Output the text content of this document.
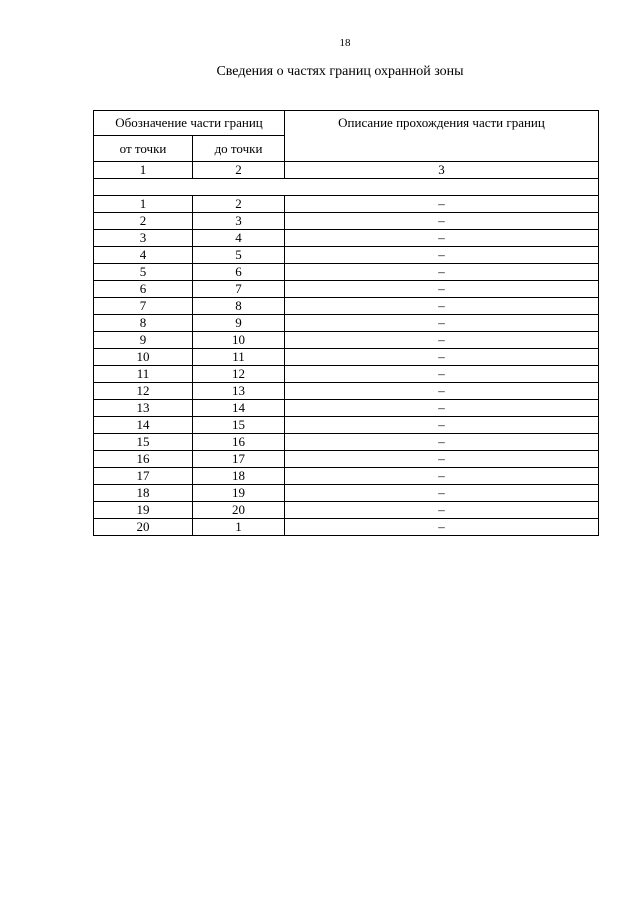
18
Сведения о частях границ охранной зоны
Обозначение части границ		Описание прохождения части границ
от точки	до точки	
1	2	3

1	2	–
2	3	–
3	4	–
4	5	–
5	6	–
6	7	–
7	8	–
8	9	–
9	10	–
10	11	–
11	12	–
12	13	–
13	14	–
14	15	–
15	16	–
16	17	–
17	18	–
18	19	–
19	20	–
20	1	–
